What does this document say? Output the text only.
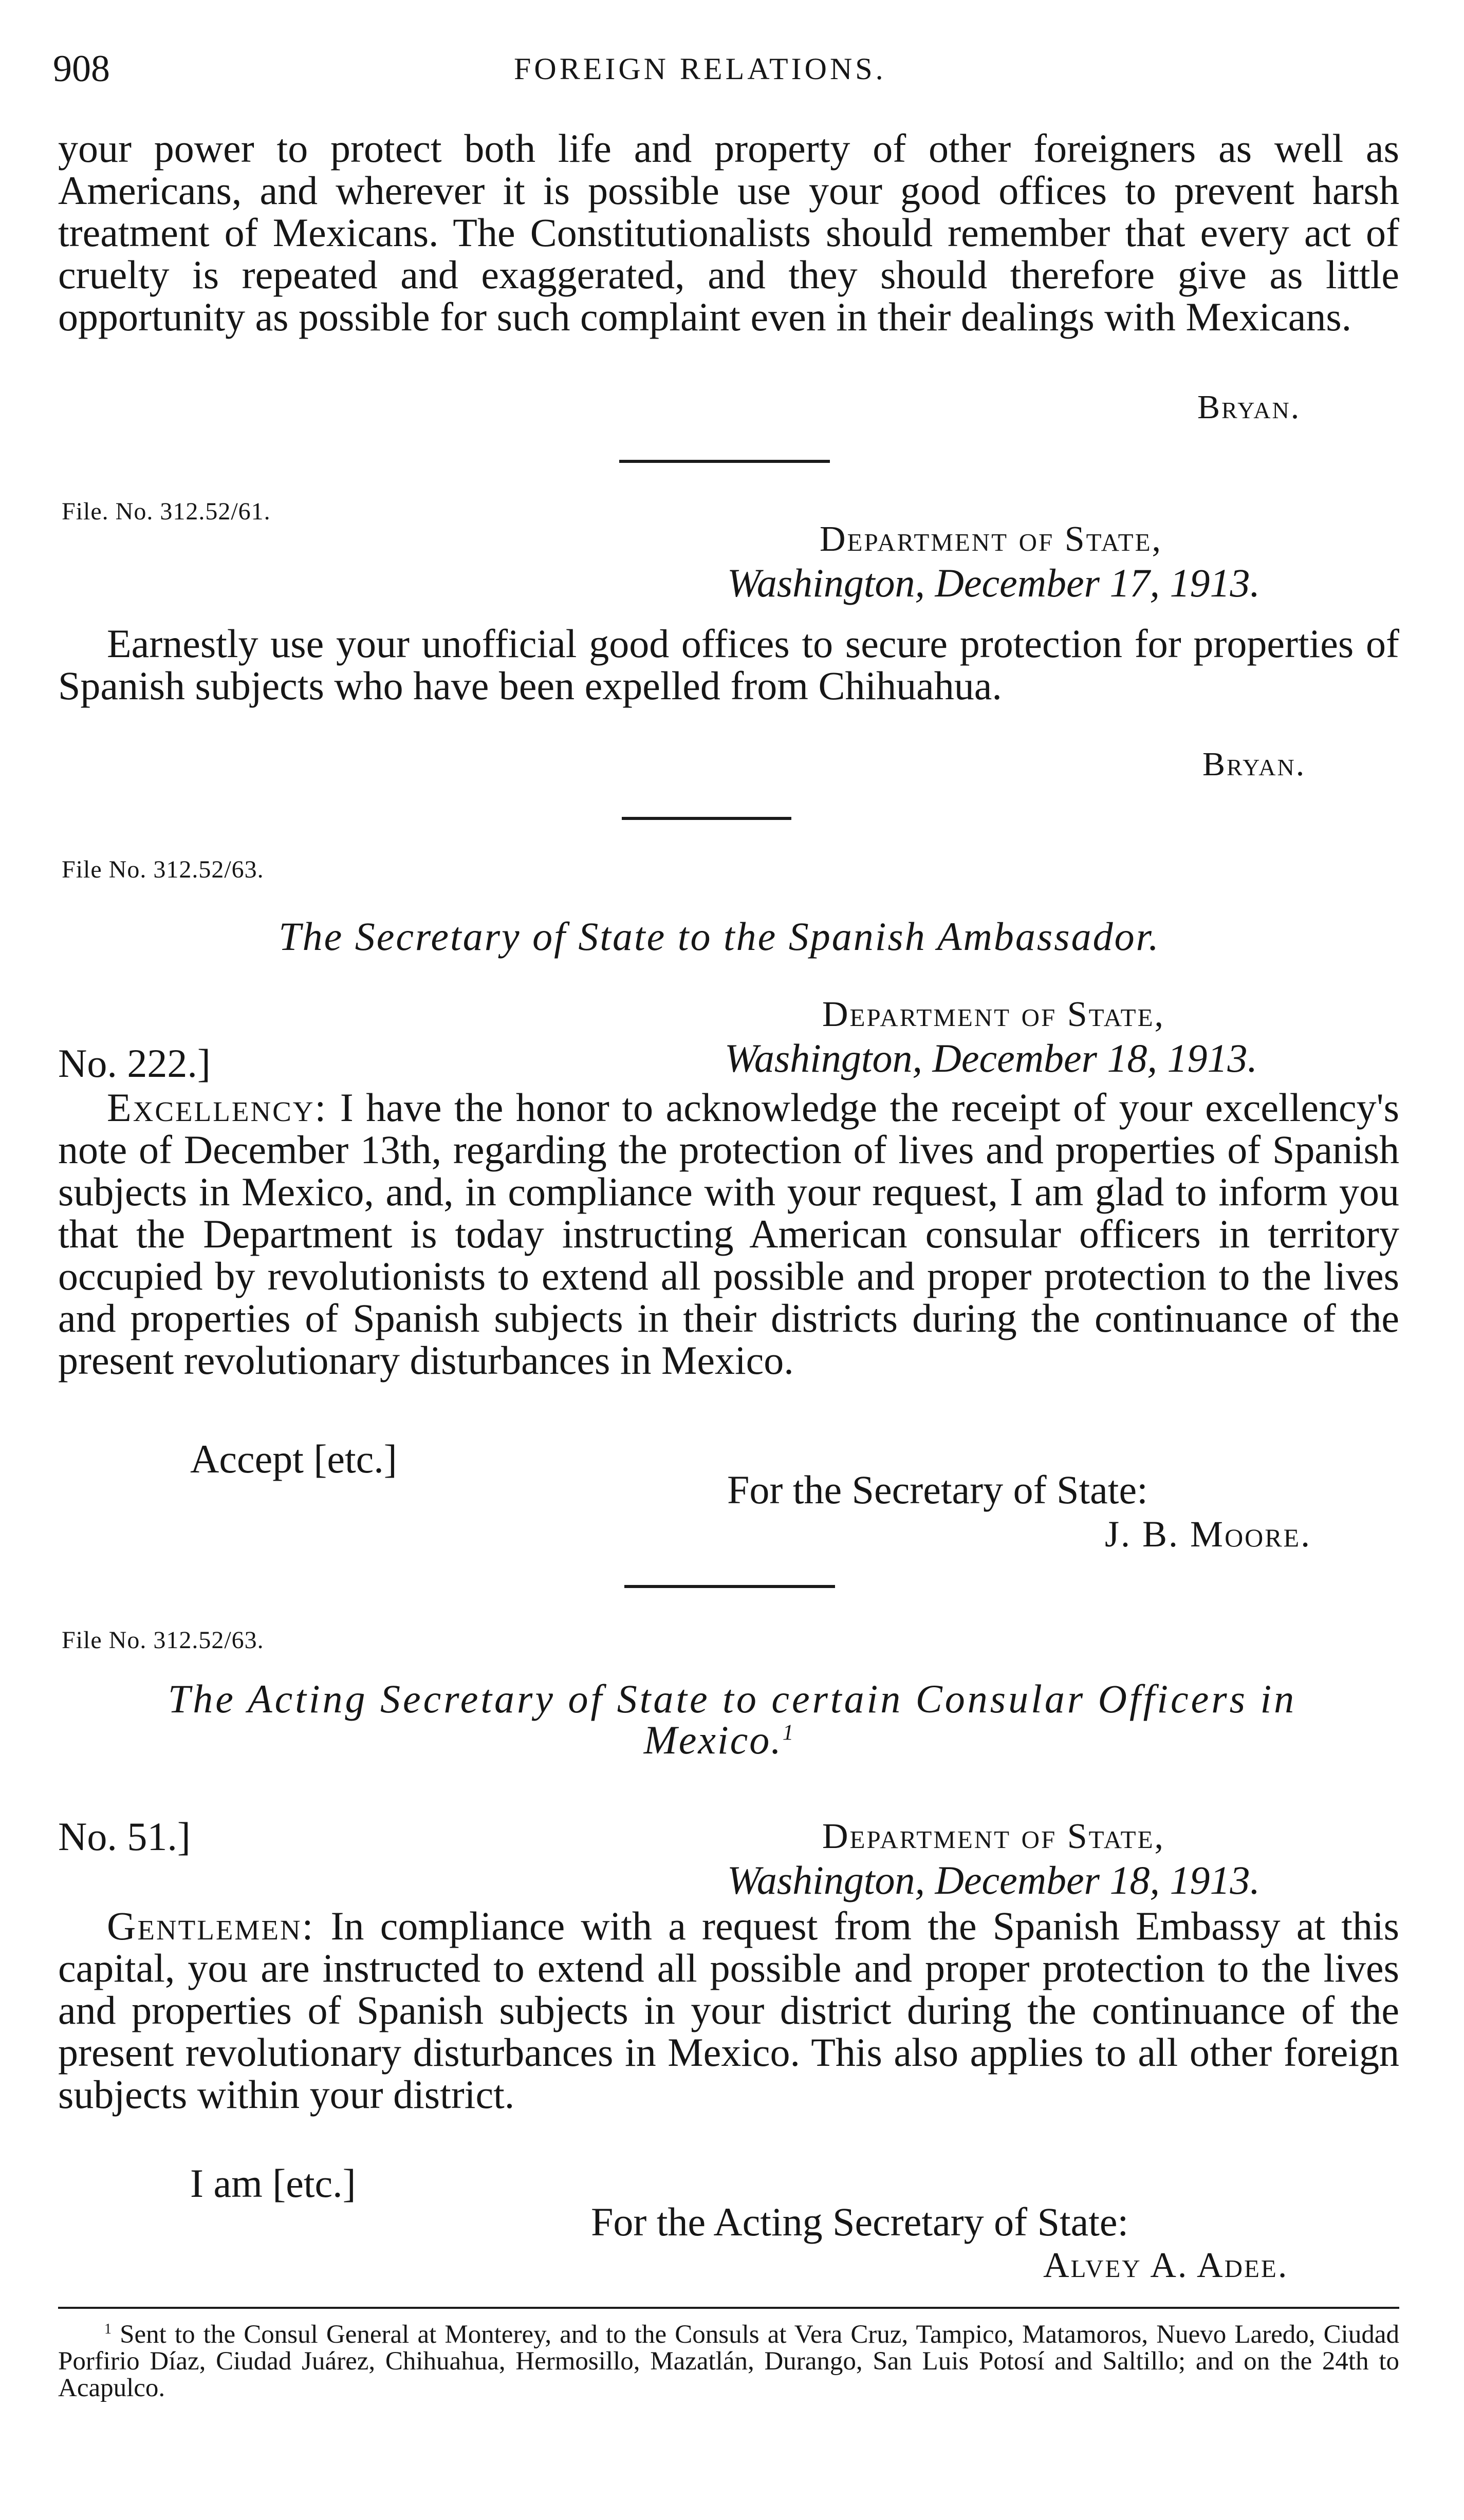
908	FOREIGN RELATIONS.

your power to protect both life and property of other foreigners as well as Americans, and wherever it is possible use your good offices to prevent harsh treatment of Mexicans. The Constitutionalists should remember that every act of cruelty is repeated and exaggerated, and they should therefore give as little opportunity as possible for such complaint even in their dealings with Mexicans.

Bryan.
File. No. 312.52/61.
Department of State,
Washington, December 17, 1913.

Earnestly use your unofficial good offices to secure protection for properties of Spanish subjects who have been expelled from Chihuahua.

Bryan.
File No. 312.52/63.
The Secretary of State to the Spanish Ambassador.
Department of State,
No. 222.]	Washington, December 18, 1913.

Excellency: I have the honor to acknowledge the receipt of your excellency's note of December 13th, regarding the protection of lives and properties of Spanish subjects in Mexico, and, in compliance with your request, I am glad to inform you that the Department is today instructing American consular officers in territory occupied by revolutionists to extend all possible and proper protection to the lives and properties of Spanish subjects in their districts during the continuance of the present revolutionary disturbances in Mexico.

Accept [etc.]
For the Secretary of State:
J. B. Moore.
File No. 312.52/63.
The Acting Secretary of State to certain Consular Officers in
Mexico.$^1$
No. 51.]	Department of State,
Washington, December 18, 1913.

Gentlemen: In compliance with a request from the Spanish Embassy at this capital, you are instructed to extend all possible and proper protection to the lives and properties of Spanish subjects in your district during the continuance of the present revolutionary disturbances in Mexico. This also applies to all other foreign subjects within your district.

I am [etc.]
For the Acting Secretary of State:
Alvey A. Adee.

$^1$ Sent to the Consul General at Monterey, and to the Consuls at Vera Cruz, Tampico, Matamoros, Nuevo Laredo, Ciudad Porfirio Díaz, Ciudad Juárez, Chihuahua, Hermosillo, Mazatlán, Durango, San Luis Potosí and Saltillo; and on the 24th to Acapulco.
